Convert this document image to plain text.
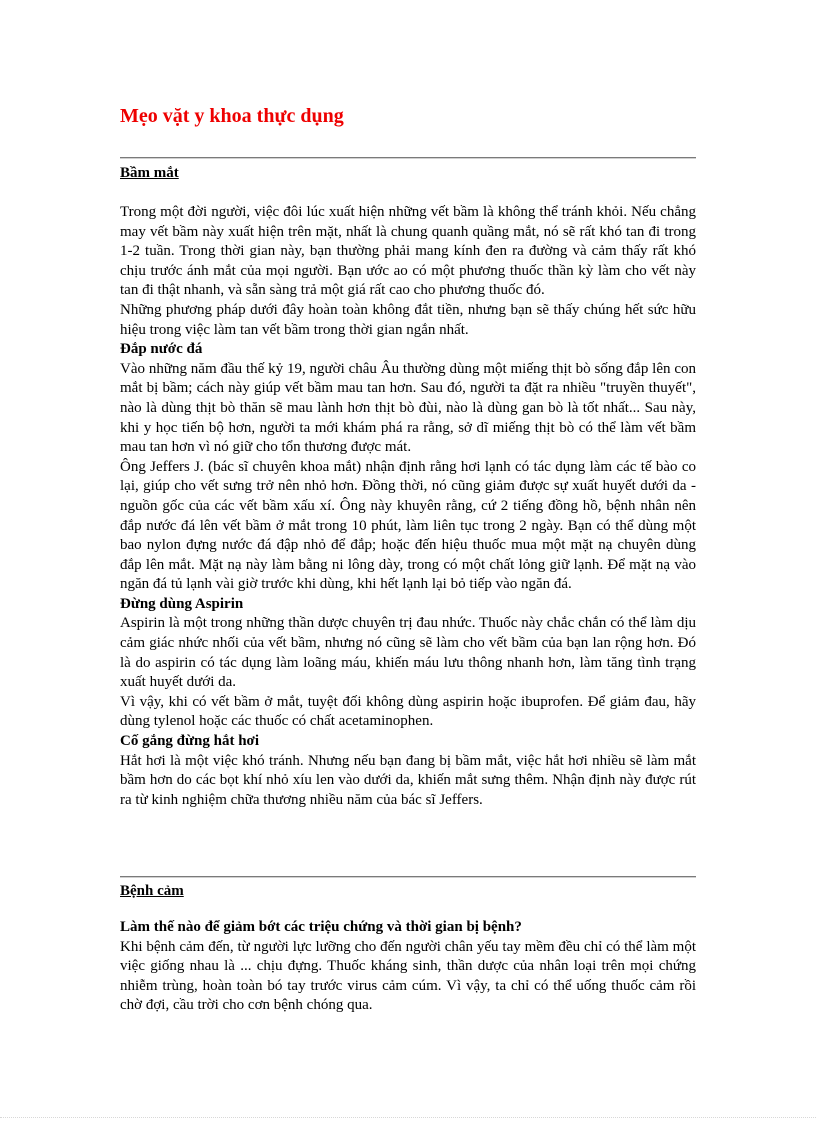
Mẹo vặt y khoa thực dụng
Bầm mắt

Trong một đời người, việc đôi lúc xuất hiện những vết bầm là không thể tránh khỏi. Nếu chẳng may vết bầm này xuất hiện trên mặt, nhất là chung quanh quầng mắt, nó sẽ rất khó tan đi trong 1-2 tuần. Trong thời gian này, bạn thường phải mang kính đen ra đường và cảm thấy rất khó chịu trước ánh mắt của mọi người. Bạn ước ao có một phương thuốc thần kỳ làm cho vết này tan đi thật nhanh, và sẵn sàng trả một giá rất cao cho phương thuốc đó.

Những phương pháp dưới đây hoàn toàn không đắt tiền, nhưng bạn sẽ thấy chúng hết sức hữu hiệu trong việc làm tan vết bầm trong thời gian ngắn nhất.

Đắp nước đá

Vào những năm đầu thế kỷ 19, người châu Âu thường dùng một miếng thịt bò sống đắp lên con mắt bị bầm; cách này giúp vết bầm mau tan hơn. Sau đó, người ta đặt ra nhiều "truyền thuyết", nào là dùng thịt bò thăn sẽ mau lành hơn thịt bò đùi, nào là dùng gan bò là tốt nhất... Sau này, khi y học tiến bộ hơn, người ta mới khám phá ra rằng, sở dĩ miếng thịt bò có thể làm vết bầm mau tan hơn vì nó giữ cho tổn thương được mát.

Ông Jeffers J. (bác sĩ chuyên khoa mắt) nhận định rằng hơi lạnh có tác dụng làm các tế bào co lại, giúp cho vết sưng trở nên nhỏ hơn. Đồng thời, nó cũng giảm được sự xuất huyết dưới da - nguồn gốc của các vết bầm xấu xí. Ông này khuyên rằng, cứ 2 tiếng đồng hồ, bệnh nhân nên đắp nước đá lên vết bầm ở mắt trong 10 phút, làm liên tục trong 2 ngày. Bạn có thể dùng một bao nylon đựng nước đá đập nhỏ để đắp; hoặc đến hiệu thuốc mua một mặt nạ chuyên dùng đắp lên mắt. Mặt nạ này làm bằng ni lông dày, trong có một chất lỏng giữ lạnh. Để mặt nạ vào ngăn đá tủ lạnh vài giờ trước khi dùng, khi hết lạnh lại bỏ tiếp vào ngăn đá.

Đừng dùng Aspirin

Aspirin là một trong những thần dược chuyên trị đau nhức. Thuốc này chắc chắn có thể làm dịu cảm giác nhức nhối của vết bầm, nhưng nó cũng sẽ làm cho vết bầm của bạn lan rộng hơn. Đó là do aspirin có tác dụng làm loãng máu, khiến máu lưu thông nhanh hơn, làm tăng tình trạng xuất huyết dưới da.

Vì vậy, khi có vết bầm ở mắt, tuyệt đối không dùng aspirin hoặc ibuprofen. Để giảm đau, hãy dùng tylenol hoặc các thuốc có chất acetaminophen.

Cố gắng đừng hắt hơi

Hắt hơi là một việc khó tránh. Nhưng nếu bạn đang bị bầm mắt, việc hắt hơi nhiều sẽ làm mắt bầm hơn do các bọt khí nhỏ xíu len vào dưới da, khiến mắt sưng thêm. Nhận định này được rút ra từ kinh nghiệm chữa thương nhiều năm của bác sĩ Jeffers.

Bệnh cảm

Làm thế nào để giảm bớt các triệu chứng và thời gian bị bệnh?

Khi bệnh cảm đến, từ người lực lưỡng cho đến người chân yếu tay mềm đều chỉ có thể làm một việc giống nhau là ... chịu đựng. Thuốc kháng sinh, thần dược của nhân loại trên mọi chứng nhiễm trùng, hoàn toàn bó tay trước virus cảm cúm. Vì vậy, ta chỉ có thể uống thuốc cảm rồi chờ đợi, cầu trời cho cơn bệnh chóng qua.
